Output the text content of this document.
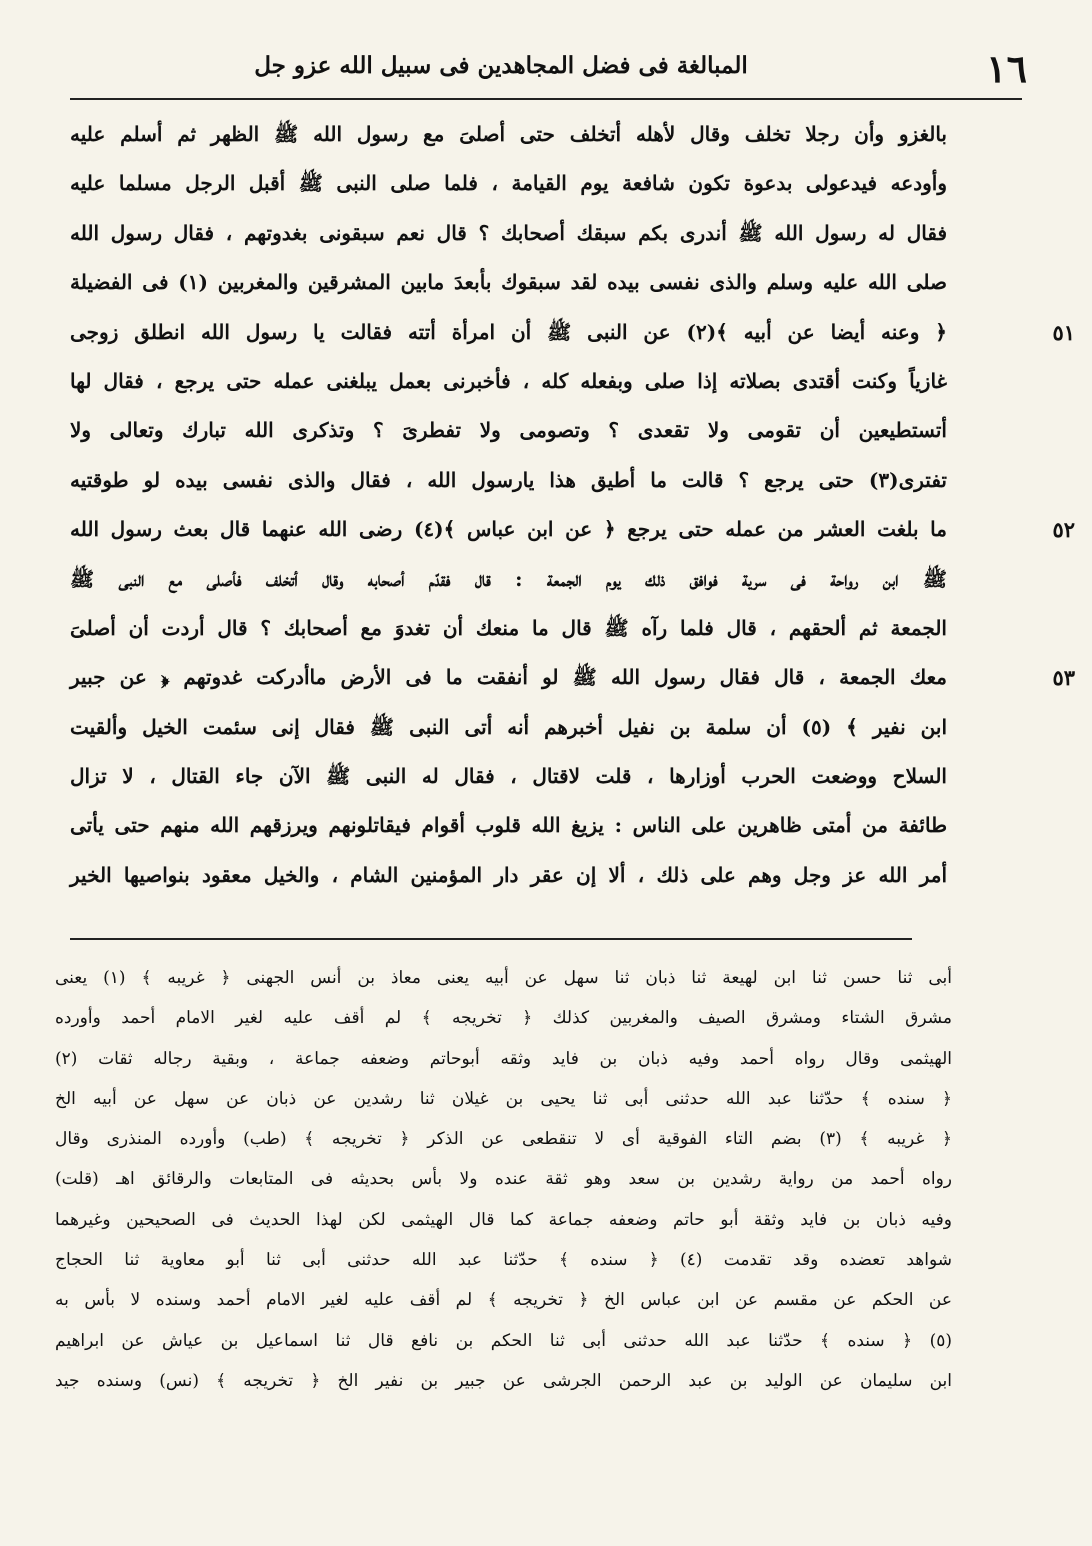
١٦
المبالغة فى فضل المجاهدين فى سبيل الله عزو جل
بالغزو وأن رجلا تخلف وقال لأهله أتخلف حتى أصلىَ مع رسول الله ﷺ الظهر ثم أسلم عليه
وأودعه فيدعولى بدعوة تكون شافعة يوم القيامة ، فلما صلى النبى ﷺ أقبل الرجل مسلما عليه
فقال له رسول الله ﷺ أندرى بكم سبقك أصحابك ؟ قال نعم سبقونى بغدوتهم ، فقال رسول الله
صلى الله عليه وسلم والذى نفسى بيده لقد سبقوك بأبعدَ مابين المشرقين والمغربين (١) فى الفضيلة
﴿ وعنه أيضا عن أبيه ﴾(٢) عن النبى ﷺ أن امرأة أتته فقالت يا رسول الله انطلق زوجى	٥١
غازياً وكنت أقتدى بصلاته إذا صلى وبفعله كله ، فأخبرنى بعمل يبلغنى عمله حتى يرجع ، فقال لها
أتستطيعين أن تقومى ولا تقعدى ؟ وتصومى ولا تفطرىَ ؟ وتذكرى الله تبارك وتعالى ولا
تفترى(٣) حتى يرجع ؟ قالت ما أطيق هذا يارسول الله ، فقال والذى نفسى بيده لو طوقتيه
ما بلغت العشر من عمله حتى يرجع ﴿ عن ابن عباس ﴾(٤) رضى الله عنهما قال بعث رسول الله	٥٢
ﷺ ابن رواحة فى سرية فوافق ذلك يوم الجمعة : قال فقدّم أصحابه وقال أتخلف فأصلى مع النبى ﷺ
الجمعة ثم ألحقهم ، قال فلما رآه ﷺ قال ما منعك أن تغدوَ مع أصحابك ؟ قال أردت أن أصلىَ
معك الجمعة ، قال فقال رسول الله ﷺ لو أنفقت ما فى الأرض ماأدركت غدوتهم ﴿ عن جبير	٥٣
ابن نفير ﴾ (٥) أن سلمة بن نفيل أخبرهم أنه أتى النبى ﷺ فقال إنى سئمت الخيل وألقيت
السلاح ووضعت الحرب أوزارها ، قلت لاقتال ، فقال له النبى ﷺ الآن جاء القتال ، لا تزال
طائفة من أمتى ظاهرين على الناس : يزيغ الله قلوب أقوام فيقاتلونهم ويرزقهم الله منهم حتى يأتى
أمر الله عز وجل وهم على ذلك ، ألا إن عقر دار المؤمنين الشام ، والخيل معقود بنواصيها الخير
أبى ثنا حسن ثنا ابن لهيعة ثنا ذبان ثنا سهل عن أبيه يعنى معاذ بن أنس الجهنى ﴿ غريبه ﴾ (١) يعنى
مشرق الشتاء ومشرق الصيف والمغربين كذلك ﴿ تخريجه ﴾ لم أقف عليه لغير الامام أحمد وأورده
الهيثمى وقال رواه أحمد وفيه ذبان بن فايد وثقه أبوحاتم وضعفه جماعة ، وبقية رجاله ثقات (٢)
﴿ سنده ﴾ حدّثنا عبد الله حدثنى أبى ثنا يحيى بن غيلان ثنا رشدين عن ذبان عن سهل عن أبيه الخ
﴿ غريبه ﴾ (٣) بضم التاء الفوقية أى لا تنقطعى عن الذكر ﴿ تخريجه ﴾ (طب) وأورده المنذرى وقال
رواه أحمد من رواية رشدين بن سعد وهو ثقة عنده ولا بأس بحديثه فى المتابعات والرقائق اهـ (قلت)
وفيه ذبان بن فايد وثقة أبو حاتم وضعفه جماعة كما قال الهيثمى لكن لهذا الحديث فى الصحيحين وغيرهما
شواهد تعضده وقد تقدمت (٤) ﴿ سنده ﴾ حدّثنا عبد الله حدثنى أبى ثنا أبو معاوية ثنا الحجاج
عن الحكم عن مقسم عن ابن عباس الخ ﴿ تخريجه ﴾ لم أقف عليه لغير الامام أحمد وسنده لا بأس به
(٥) ﴿ سنده ﴾ حدّثنا عبد الله حدثنى أبى ثنا الحكم بن نافع قال ثنا اسماعيل بن عياش عن ابراهيم
ابن سليمان عن الوليد بن عبد الرحمن الجرشى عن جبير بن نفير الخ ﴿ تخريجه ﴾ (نس) وسنده جيد
